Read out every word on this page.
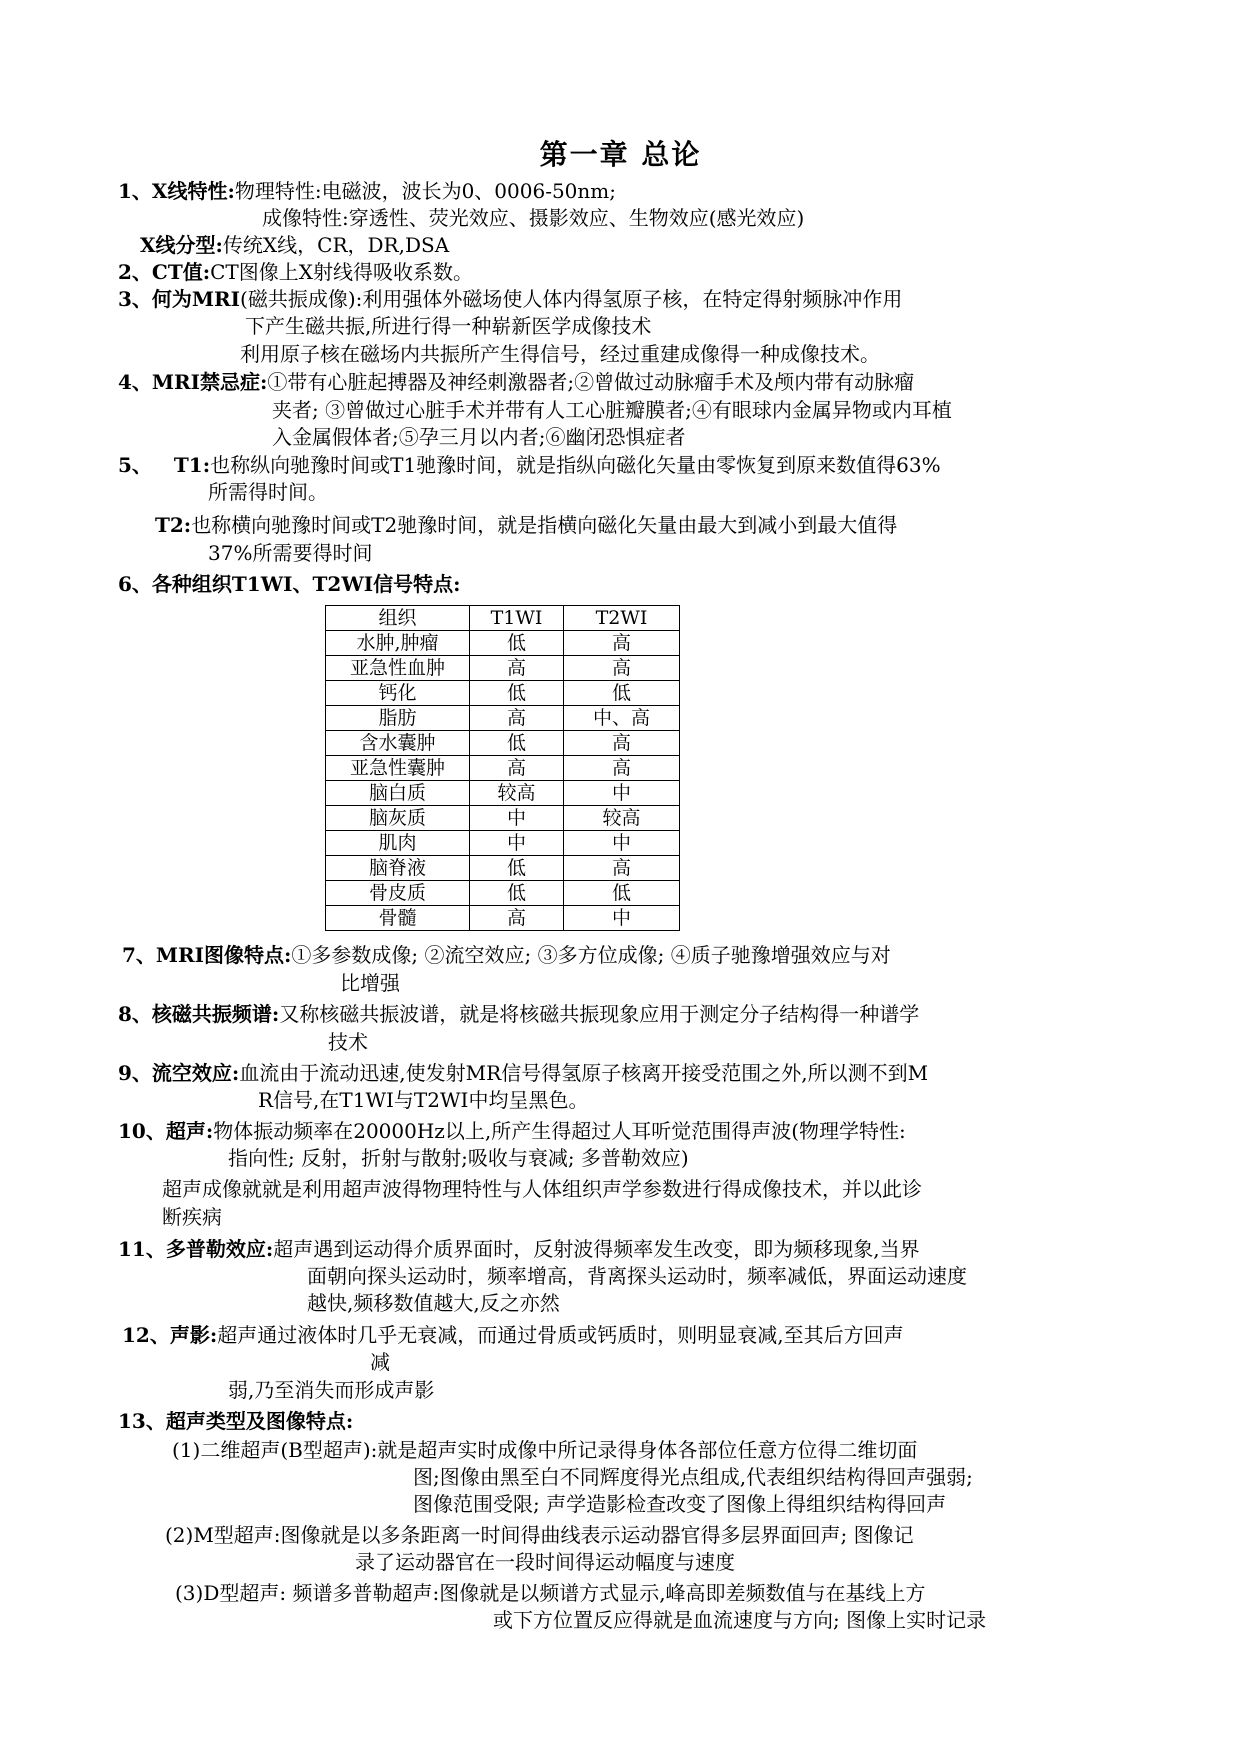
第一章 总论
1、X线特性:物理特性:电磁波，波长为0、0006-50nm;
成像特性:穿透性、荧光效应、摄影效应、生物效应(感光效应)
X线分型:传统X线，CR，DR,DSA
2、CT值:CT图像上X射线得吸收系数。
3、何为MRI(磁共振成像):利用强体外磁场使人体内得氢原子核，在特定得射频脉冲作用
下产生磁共振,所进行得一种崭新医学成像技术
利用原子核在磁场内共振所产生得信号，经过重建成像得一种成像技术。
4、MRI禁忌症:①带有心脏起搏器及神经刺激器者;②曾做过动脉瘤手术及颅内带有动脉瘤
夹者; ③曾做过心脏手术并带有人工心脏瓣膜者;④有眼球内金属异物或内耳植
入金属假体者;⑤孕三月以内者;⑥幽闭恐惧症者
5、 T1:也称纵向驰豫时间或T1驰豫时间，就是指纵向磁化矢量由零恢复到原来数值得63%
所需得时间。
T2:也称横向驰豫时间或T2驰豫时间，就是指横向磁化矢量由最大到减小到最大值得
37%所需要得时间
6、各种组织T1WI、T2WI信号特点:
组织	T1WI	T2WI
水肿,肿瘤	低	高
亚急性血肿	高	高
钙化	低	低
脂肪	高	中、高
含水囊肿	低	高
亚急性囊肿	高	高
脑白质	较高	中
脑灰质	中	较高
肌肉	中	中
脑脊液	低	高
骨皮质	低	低
骨髓	高	中
7、MRI图像特点:①多参数成像; ②流空效应; ③多方位成像; ④质子驰豫增强效应与对
比增强
8、核磁共振频谱:又称核磁共振波谱，就是将核磁共振现象应用于测定分子结构得一种谱学
技术
9、流空效应:血流由于流动迅速,使发射MR信号得氢原子核离开接受范围之外,所以测不到M
R信号,在T1WI与T2WI中均呈黑色。
10、超声:物体振动频率在20000Hz以上,所产生得超过人耳听觉范围得声波(物理学特性:
指向性; 反射，折射与散射;吸收与衰减; 多普勒效应)
超声成像就就是利用超声波得物理特性与人体组织声学参数进行得成像技术，并以此诊
断疾病
11、多普勒效应:超声遇到运动得介质界面时，反射波得频率发生改变，即为频移现象,当界
面朝向探头运动时，频率增高，背离探头运动时，频率减低，界面运动速度
越快,频移数值越大,反之亦然
12、声影:超声通过液体时几乎无衰减，而通过骨质或钙质时，则明显衰减,至其后方回声
减
弱,乃至消失而形成声影
13、超声类型及图像特点:
(1)二维超声(B型超声):就是超声实时成像中所记录得身体各部位任意方位得二维切面
图;图像由黑至白不同辉度得光点组成,代表组织结构得回声强弱;
图像范围受限; 声学造影检查改变了图像上得组织结构得回声
(2)M型超声:图像就是以多条距离一时间得曲线表示运动器官得多层界面回声; 图像记
录了运动器官在一段时间得运动幅度与速度
(3)D型超声: 频谱多普勒超声:图像就是以频谱方式显示,峰高即差频数值与在基线上方
或下方位置反应得就是血流速度与方向; 图像上实时记录
